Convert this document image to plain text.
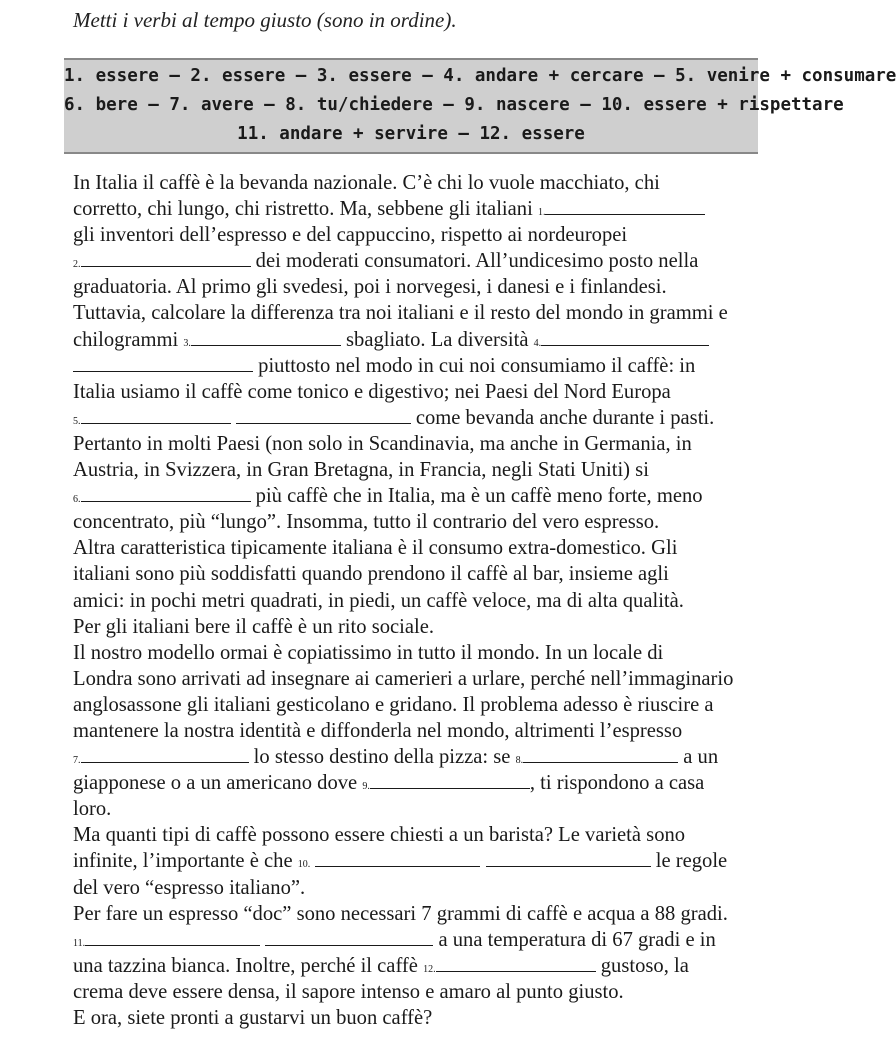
Metti i verbi al tempo giusto (sono in ordine).
1. essere – 2. essere – 3. essere – 4. andare + cercare – 5. venire + consumare
6. bere – 7. avere – 8. tu/chiedere – 9. nascere – 10. essere + rispettare
11. andare + servire – 12. essere
In Italia il caffè è la bevanda nazionale. C’è chi lo vuole macchiato, chi
corretto, chi lungo, chi ristretto. Ma, sebbene gli italiani 1.
gli inventori dell’espresso e del cappuccino, rispetto ai nordeuropei
2.	dei moderati consumatori. All’undicesimo posto nella
graduatoria. Al primo gli svedesi, poi i norvegesi, i danesi e i finlandesi.
Tuttavia, calcolare la differenza tra noi italiani e il resto del mondo in grammi e
chilogrammi 3.	sbagliato. La diversità 4.
piuttosto nel modo in cui noi consumiamo il caffè: in
Italia usiamo il caffè come tonico e digestivo; nei Paesi del Nord Europa
5.	come bevanda anche durante i pasti.
Pertanto in molti Paesi (non solo in Scandinavia, ma anche in Germania, in
Austria, in Svizzera, in Gran Bretagna, in Francia, negli Stati Uniti) si
6.	più caffè che in Italia, ma è un caffè meno forte, meno
concentrato, più “lungo”. Insomma, tutto il contrario del vero espresso.
Altra caratteristica tipicamente italiana è il consumo extra-domestico. Gli
italiani sono più soddisfatti quando prendono il caffè al bar, insieme agli
amici: in pochi metri quadrati, in piedi, un caffè veloce, ma di alta qualità.
Per gli italiani bere il caffè è un rito sociale.
Il nostro modello ormai è copiatissimo in tutto il mondo. In un locale di
Londra sono arrivati ad insegnare ai camerieri a urlare, perché nell’immaginario
anglosassone gli italiani gesticolano e gridano. Il problema adesso è riuscire a
mantenere la nostra identità e diffonderla nel mondo, altrimenti l’espresso
7.	lo stesso destino della pizza: se 8.	a un
giapponese o a un americano dove 9.	, ti rispondono a casa
loro.
Ma quanti tipi di caffè possono essere chiesti a un barista? Le varietà sono
infinite, l’importante è che 10.	le regole
del vero “espresso italiano”.
Per fare un espresso “doc” sono necessari 7 grammi di caffè e acqua a 88 gradi.
11.	a una temperatura di 67 gradi e in
una tazzina bianca. Inoltre, perché il caffè 12.	gustoso, la
crema deve essere densa, il sapore intenso e amaro al punto giusto.
E ora, siete pronti a gustarvi un buon caffè?
